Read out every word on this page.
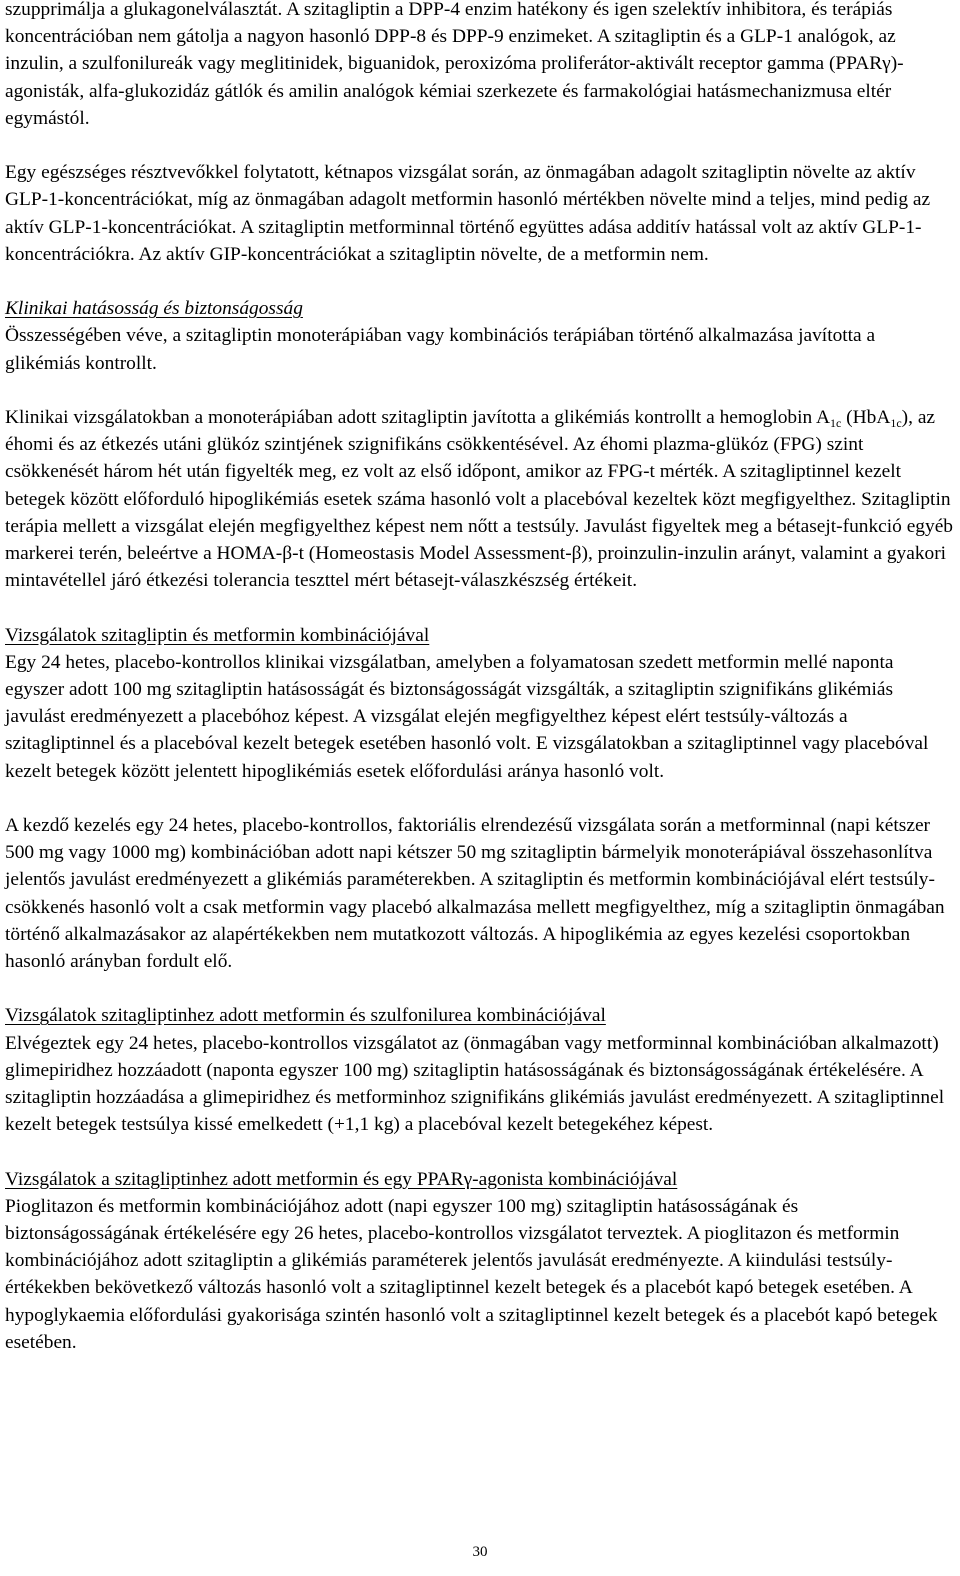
szupprimálja a glukagonelválasztát. A szitagliptin a DPP-4 enzim hatékony és igen szelektív inhibitora, és terápiás koncentrációban nem gátolja a nagyon hasonló DPP-8 és DPP-9 enzimeket. A szitagliptin és a GLP-1 analógok, az inzulin, a szulfonilureák vagy meglitinidek, biguanidok, peroxizóma proliferátor-aktivált receptor gamma (PPARγ)-agonisták, alfa-glukozidáz gátlók és amilin analógok kémiai szerkezete és farmakológiai hatásmechanizmusa eltér egymástól.

Egy egészséges résztvevőkkel folytatott, kétnapos vizsgálat során, az önmagában adagolt szitagliptin növelte az aktív GLP-1-koncentrációkat, míg az önmagában adagolt metformin hasonló mértékben növelte mind a teljes, mind pedig az aktív GLP-1-koncentrációkat. A szitagliptin metforminnal történő együttes adása additív hatással volt az aktív GLP-1-koncentrációkra. Az aktív GIP-koncentrációkat a szitagliptin növelte, de a metformin nem.

Klinikai hatásosság és biztonságosság

Összességében véve, a szitagliptin monoterápiában vagy kombinációs terápiában történő alkalmazása javította a glikémiás kontrollt.

Klinikai vizsgálatokban a monoterápiában adott szitagliptin javította a glikémiás kontrollt a hemoglobin $A_{1c}$ (HbA$_{1c}$), az éhomi és az étkezés utáni glükóz szintjének szignifikáns csökkentésével. Az éhomi plazma-glükóz (FPG) szint csökkenését három hét után figyelték meg, ez volt az első időpont, amikor az FPG-t mérték. A szitagliptinnel kezelt betegek között előforduló hipoglikémiás esetek száma hasonló volt a placebóval kezeltek közt megfigyelthez. Szitagliptin terápia mellett a vizsgálat elején megfigyelthez képest nem nőtt a testsúly. Javulást figyeltek meg a bétasejt-funkció egyéb markerei terén, beleértve a HOMA-β-t (Homeostasis Model Assessment-β), proinzulin-inzulin arányt, valamint a gyakori mintavétellel járó étkezési tolerancia teszttel mért bétasejt-válaszkészség értékeit.

Vizsgálatok szitagliptin és metformin kombinációjával

Egy 24 hetes, placebo-kontrollos klinikai vizsgálatban, amelyben a folyamatosan szedett metformin mellé naponta egyszer adott 100 mg szitagliptin hatásosságát és biztonságosságát vizsgálták, a szitagliptin szignifikáns glikémiás javulást eredményezett a placebóhoz képest. A vizsgálat elején megfigyelthez képest elért testsúly-változás a szitagliptinnel és a placebóval kezelt betegek esetében hasonló volt. E vizsgálatokban a szitagliptinnel vagy placebóval kezelt betegek között jelentett hipoglikémiás esetek előfordulási aránya hasonló volt.

A kezdő kezelés egy 24 hetes, placebo-kontrollos, faktoriális elrendezésű vizsgálata során a metforminnal (napi kétszer 500 mg vagy 1000 mg) kombinációban adott napi kétszer 50 mg szitagliptin bármelyik monoterápiával összehasonlítva jelentős javulást eredményezett a glikémiás paraméterekben. A szitagliptin és metformin kombinációjával elért testsúly-csökkenés hasonló volt a csak metformin vagy placebó alkalmazása mellett megfigyelthez, míg a szitagliptin önmagában történő alkalmazásakor az alapértékekben nem mutatkozott változás. A hipoglikémia az egyes kezelési csoportokban hasonló arányban fordult elő.

Vizsgálatok szitagliptinhez adott metformin és szulfonilurea kombinációjával

Elvégeztek egy 24 hetes, placebo-kontrollos vizsgálatot az (önmagában vagy metforminnal kombinációban alkalmazott) glimepiridhez hozzáadott (naponta egyszer 100 mg) szitagliptin hatásosságának és biztonságosságának értékelésére. A szitagliptin hozzáadása a glimepiridhez és metforminhoz szignifikáns glikémiás javulást eredményezett. A szitagliptinnel kezelt betegek testsúlya kissé emelkedett (+1,1 kg) a placebóval kezelt betegekéhez képest.

Vizsgálatok a szitagliptinhez adott metformin és egy PPARγ-agonista kombinációjával

Pioglitazon és metformin kombinációjához adott (napi egyszer 100 mg) szitagliptin hatásosságának és biztonságosságának értékelésére egy 26 hetes, placebo-kontrollos vizsgálatot terveztek. A pioglitazon és metformin kombinációjához adott szitagliptin a glikémiás paraméterek jelentős javulását eredményezte. A kiindulási testsúly-értékekben bekövetkező változás hasonló volt a szitagliptinnel kezelt betegek és a placebót kapó betegek esetében. A hypoglykaemia előfordulási gyakorisága szintén hasonló volt a szitagliptinnel kezelt betegek és a placebót kapó betegek esetében.

30
